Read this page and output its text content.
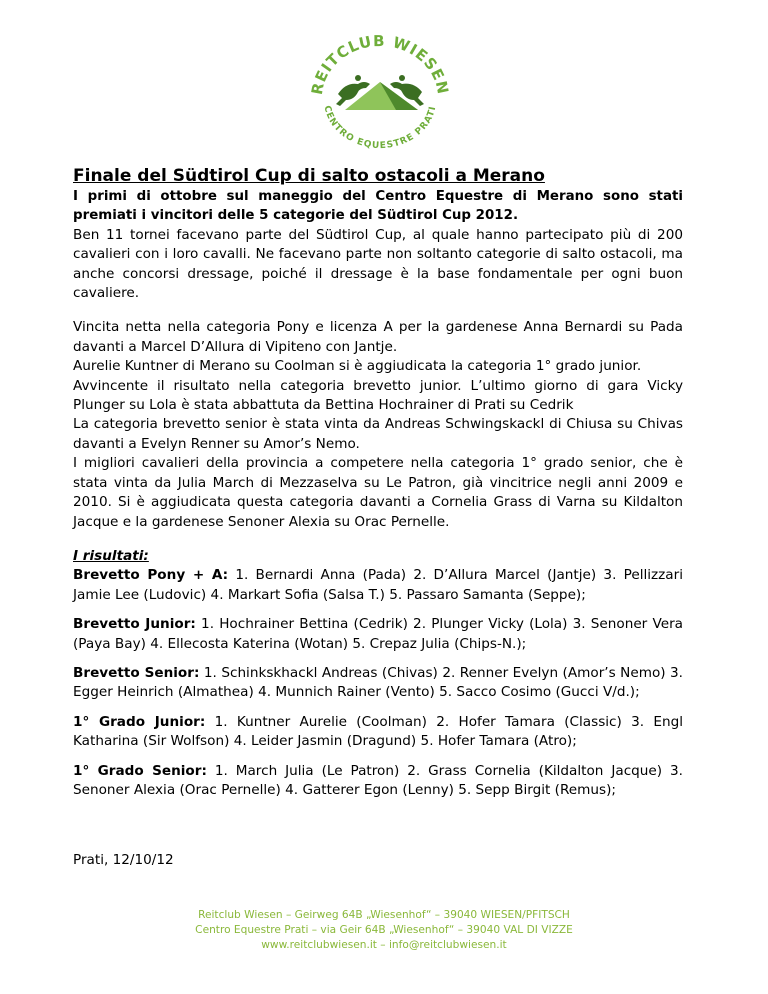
REITCLUB WIESEN
CENTRO EQUESTRE PRATI
Finale del Südtirol Cup di salto ostacoli a Merano

I primi di ottobre sul maneggio del Centro Equestre di Merano sono stati premiati i vincitori delle 5 categorie del Südtirol Cup 2012.

Ben 11 tornei facevano parte del Südtirol Cup, al quale hanno partecipato più di 200 cavalieri con i loro cavalli. Ne facevano parte non soltanto categorie di salto ostacoli, ma anche concorsi dressage, poiché il dressage è la base fondamentale per ogni buon cavaliere.

Vincita netta nella categoria Pony e licenza A per la gardenese Anna Bernardi su Pada davanti a Marcel D’Allura di Vipiteno con Jantje.

Aurelie Kuntner di Merano su Coolman si è aggiudicata la categoria 1° grado junior.

Avvincente il risultato nella categoria brevetto junior. L’ultimo giorno di gara Vicky Plunger su Lola è stata abbattuta da Bettina Hochrainer di Prati su Cedrik

La categoria brevetto senior è stata vinta da Andreas Schwingskackl di Chiusa su Chivas davanti a Evelyn Renner su Amor’s Nemo.

I migliori cavalieri della provincia a competere nella categoria 1° grado senior, che è stata vinta da Julia March di Mezzaselva su Le Patron, già vincitrice negli anni 2009 e 2010. Si è aggiudicata questa categoria davanti a Cornelia Grass di Varna su Kildalton Jacque e la gardenese Senoner Alexia su Orac Pernelle.

I risultati:

Brevetto Pony + A: 1. Bernardi Anna (Pada) 2. D’Allura Marcel (Jantje) 3. Pellizzari Jamie Lee (Ludovic) 4. Markart Sofia (Salsa T.) 5. Passaro Samanta (Seppe);

Brevetto Junior: 1. Hochrainer Bettina (Cedrik) 2. Plunger Vicky (Lola) 3. Senoner Vera (Paya Bay) 4. Ellecosta Katerina (Wotan) 5. Crepaz Julia (Chips-N.);

Brevetto Senior: 1. Schinkskhackl Andreas (Chivas) 2. Renner Evelyn (Amor’s Nemo) 3. Egger Heinrich (Almathea) 4. Munnich Rainer (Vento) 5. Sacco Cosimo (Gucci V/d.);

1° Grado Junior: 1. Kuntner Aurelie (Coolman) 2. Hofer Tamara (Classic) 3. Engl Katharina (Sir Wolfson) 4. Leider Jasmin (Dragund) 5. Hofer Tamara (Atro);

1° Grado Senior: 1. March Julia (Le Patron) 2. Grass Cornelia (Kildalton Jacque) 3. Senoner Alexia (Orac Pernelle) 4. Gatterer Egon (Lenny) 5. Sepp Birgit (Remus);

Prati, 12/10/12
Reitclub Wiesen – Geirweg 64B „Wiesenhof“ – 39040 WIESEN/PFITSCH
Centro Equestre Prati – via Geir 64B „Wiesenhof“ – 39040 VAL DI VIZZE
www.reitclubwiesen.it – info@reitclubwiesen.it
